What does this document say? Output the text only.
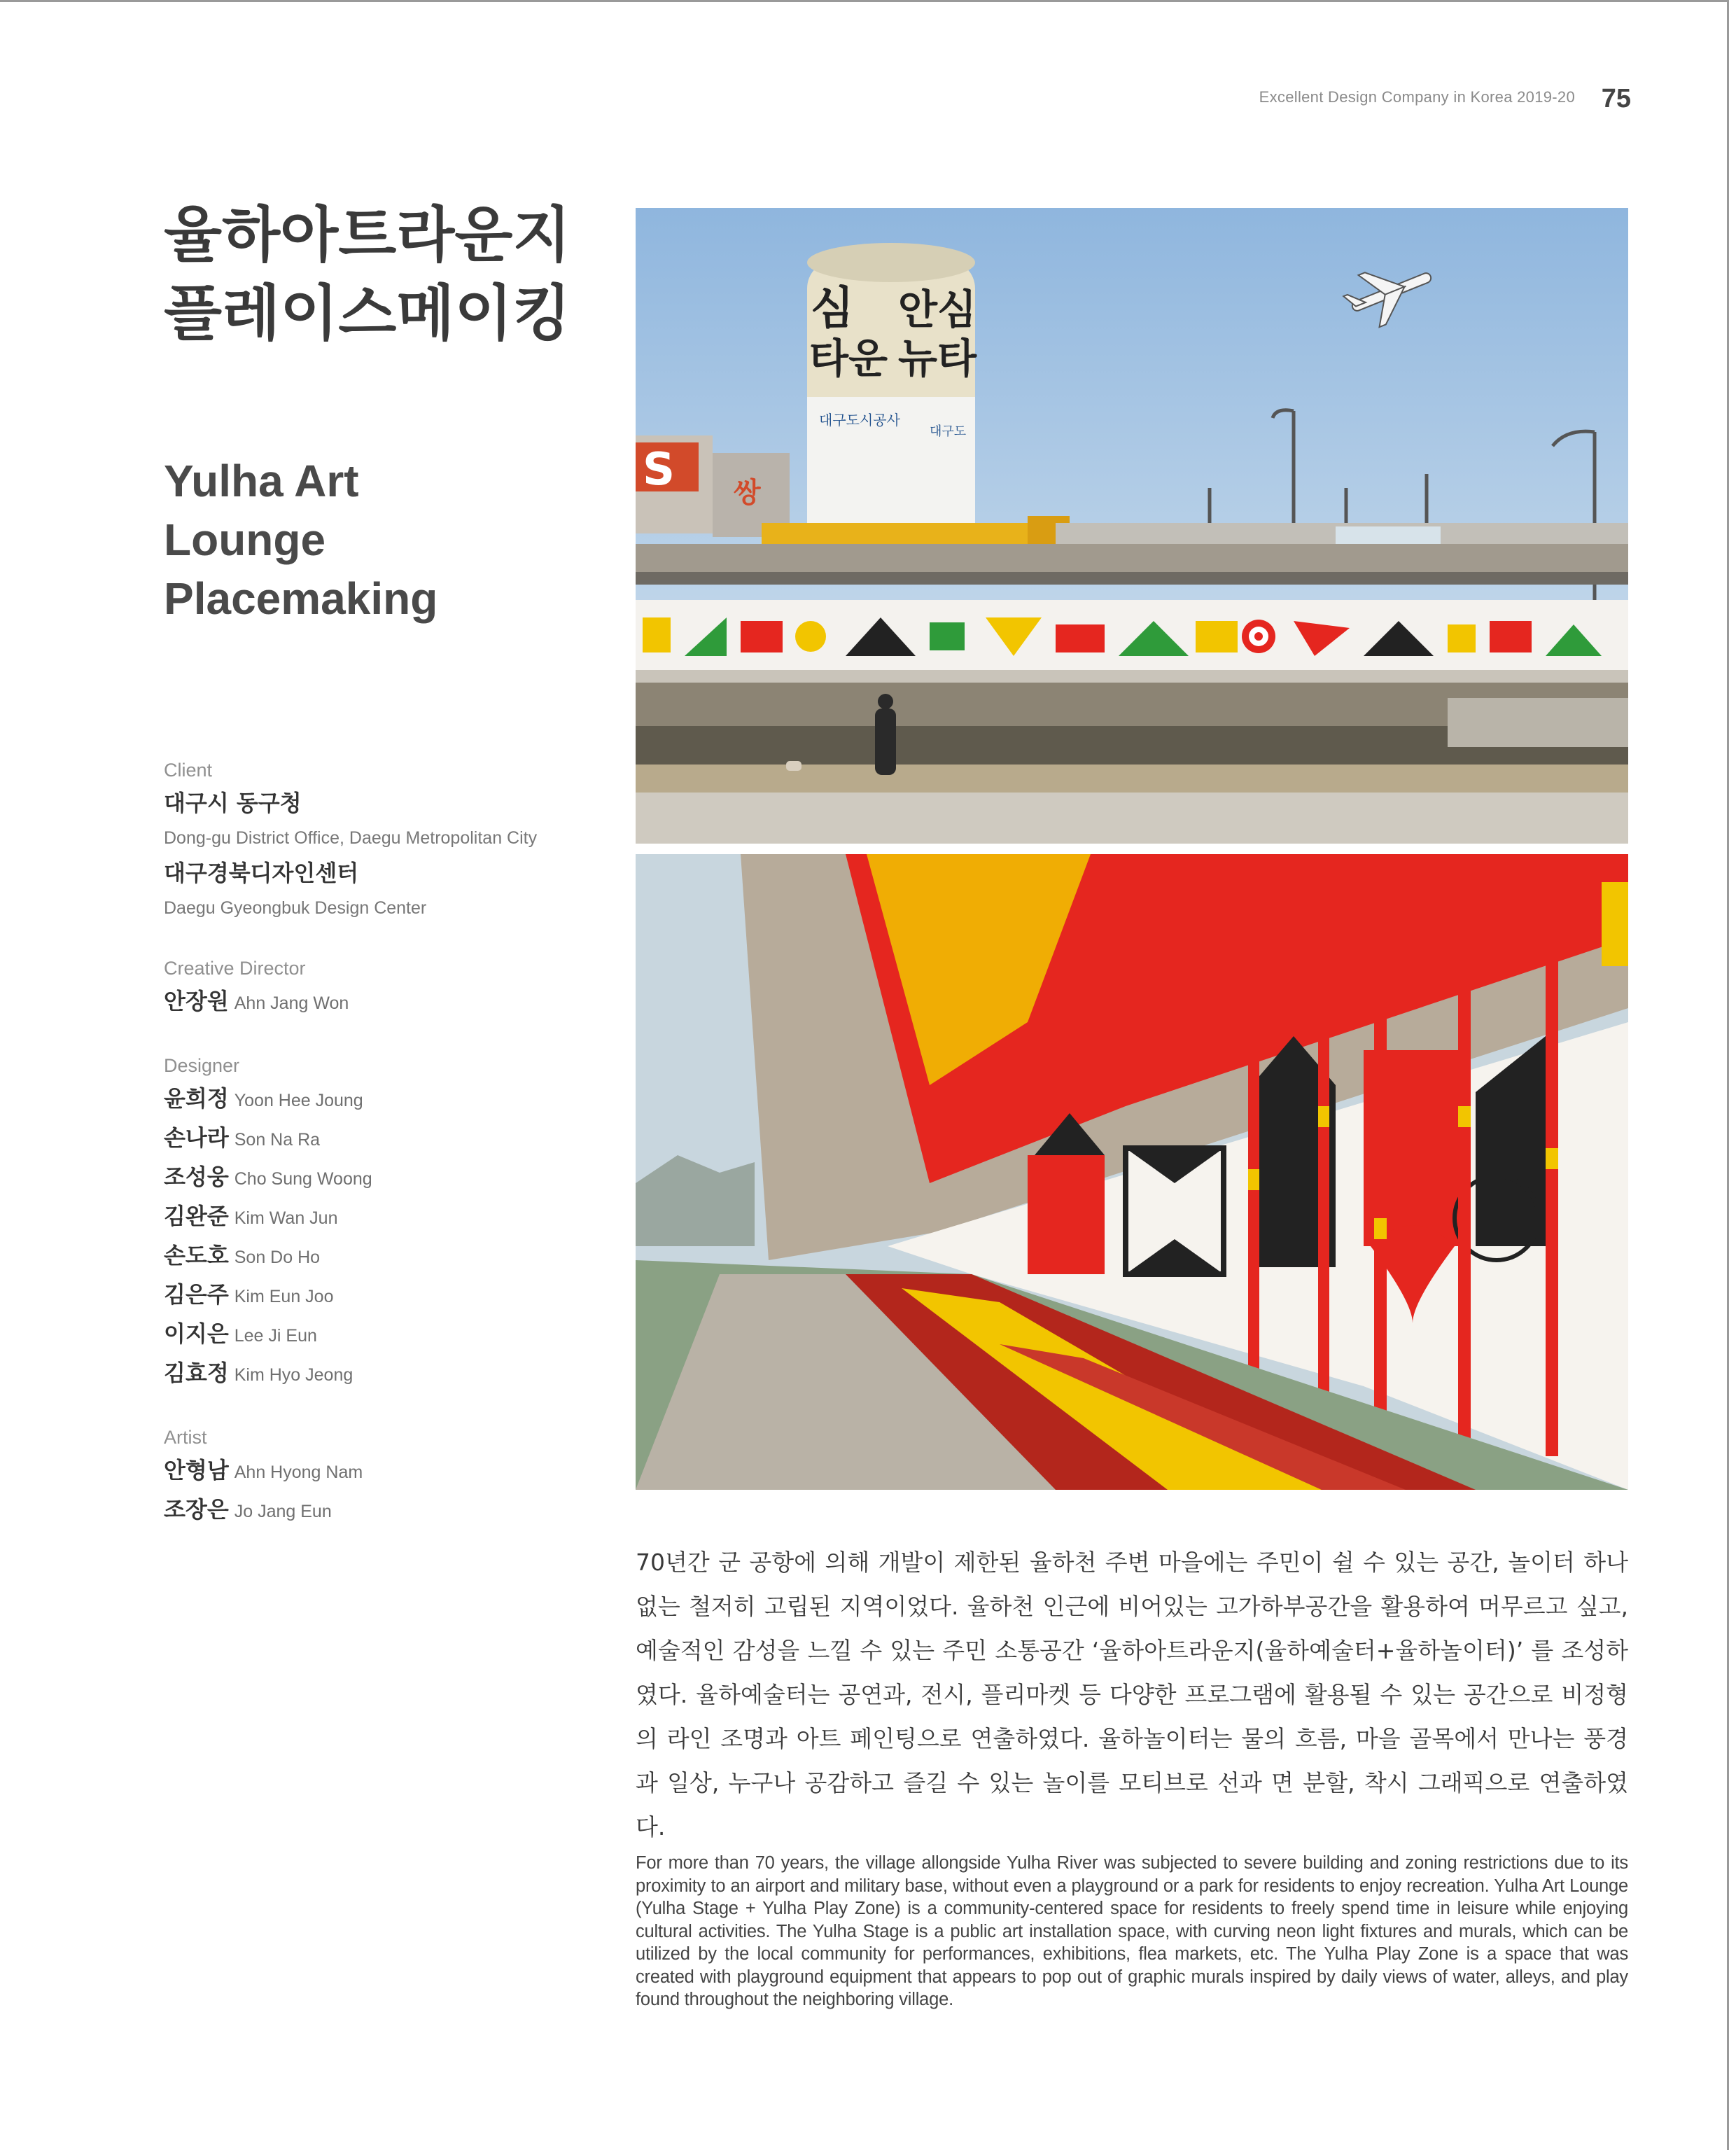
Excellent Design Company in Korea 2019-20 75
율하아트라운지
플레이스메이킹
Yulha Art
Lounge
Placemaking
Client
대구시 동구청
Dong-gu District Office, Daegu Metropolitan City
대구경북디자인센터
Daegu Gyeongbuk Design Center
Creative Director
안장원 Ahn Jang Won
Designer
윤희정 Yoon Hee Joung
손나라 Son Na Ra
조성웅 Cho Sung Woong
김완준 Kim Wan Jun
손도호 Son Do Ho
김은주 Kim Eun Joo
이지은 Lee Ji Eun
김효정 Kim Hyo Jeong
Artist
안형남 Ahn Hyong Nam
조장은 Jo Jang Eun
S 쌍
심
타운
안심
뉴타
대구도시공사
대구도
70년간 군 공항에 의해 개발이 제한된 율하천 주변 마을에는 주민이 쉴 수 있는 공간, 놀이터 하나 없는 철저히 고립된 지역이었다. 율하천 인근에 비어있는 고가하부공간을 활용하여 머무르고 싶고, 예술적인 감성을 느낄 수 있는 주민 소통공간 ‘율하아트라운지(율하예술터+율하놀이터)’ 를 조성하였다. 율하예술터는 공연과, 전시, 플리마켓 등 다양한 프로그램에 활용될 수 있는 공간으로 비정형의 라인 조명과 아트 페인팅으로 연출하였다. 율하놀이터는 물의 흐름, 마을 골목에서 만나는 풍경과 일상, 누구나 공감하고 즐길 수 있는 놀이를 모티브로 선과 면 분할, 착시 그래픽으로 연출하였다.
For more than 70 years, the village allongside Yulha River was subjected to severe building and zoning restrictions due to its proximity to an airport and military base, without even a playground or a park for residents to enjoy recreation. Yulha Art Lounge (Yulha Stage + Yulha Play Zone) is a community-centered space for residents to freely spend time in leisure while enjoying cultural activities. The Yulha Stage is a public art installation space, with curving neon light fixtures and murals, which can be utilized by the local community for performances, exhibitions, flea markets, etc. The Yulha Play Zone is a space that was created with playground equipment that appears to pop out of graphic murals inspired by daily views of water, alleys, and play found throughout the neighboring village.
